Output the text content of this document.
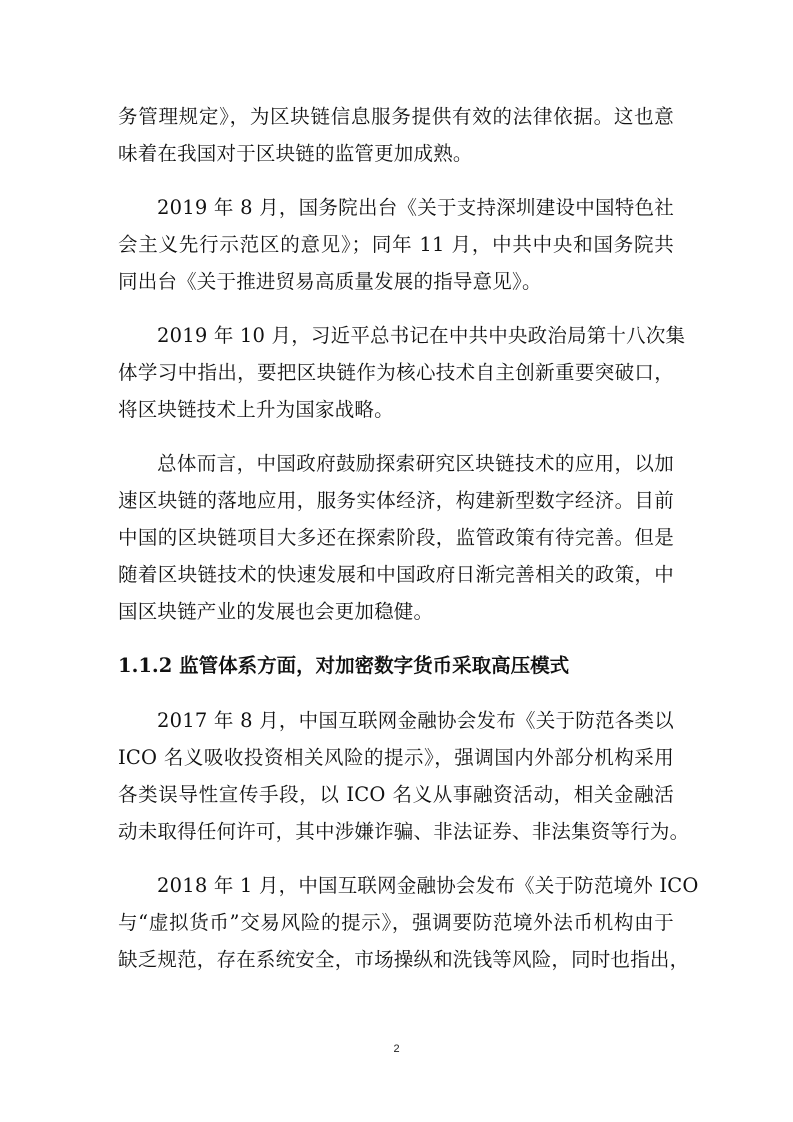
务管理规定》，为区块链信息服务提供有效的法律依据。这也意
味着在我国对于区块链的监管更加成熟。

2019 年 8 月，国务院出台《关于支持深圳建设中国特色社
会主义先行示范区的意见》；同年 11 月，中共中央和国务院共
同出台《关于推进贸易高质量发展的指导意见》。

2019 年 10 月，习近平总书记在中共中央政治局第十八次集
体学习中指出，要把区块链作为核心技术自主创新重要突破口，
将区块链技术上升为国家战略。

总体而言，中国政府鼓励探索研究区块链技术的应用，以加
速区块链的落地应用，服务实体经济，构建新型数字经济。目前
中国的区块链项目大多还在探索阶段，监管政策有待完善。但是
随着区块链技术的快速发展和中国政府日渐完善相关的政策，中
国区块链产业的发展也会更加稳健。

1.1.2 监管体系方面，对加密数字货币采取高压模式

2017 年 8 月，中国互联网金融协会发布《关于防范各类以
ICO 名义吸收投资相关风险的提示》，强调国内外部分机构采用
各类误导性宣传手段，以 ICO 名义从事融资活动，相关金融活
动未取得任何许可，其中涉嫌诈骗、非法证券、非法集资等行为。

2018 年 1 月，中国互联网金融协会发布《关于防范境外 ICO
与“虚拟货币”交易风险的提示》，强调要防范境外法币机构由于
缺乏规范，存在系统安全，市场操纵和洗钱等风险，同时也指出，

2
